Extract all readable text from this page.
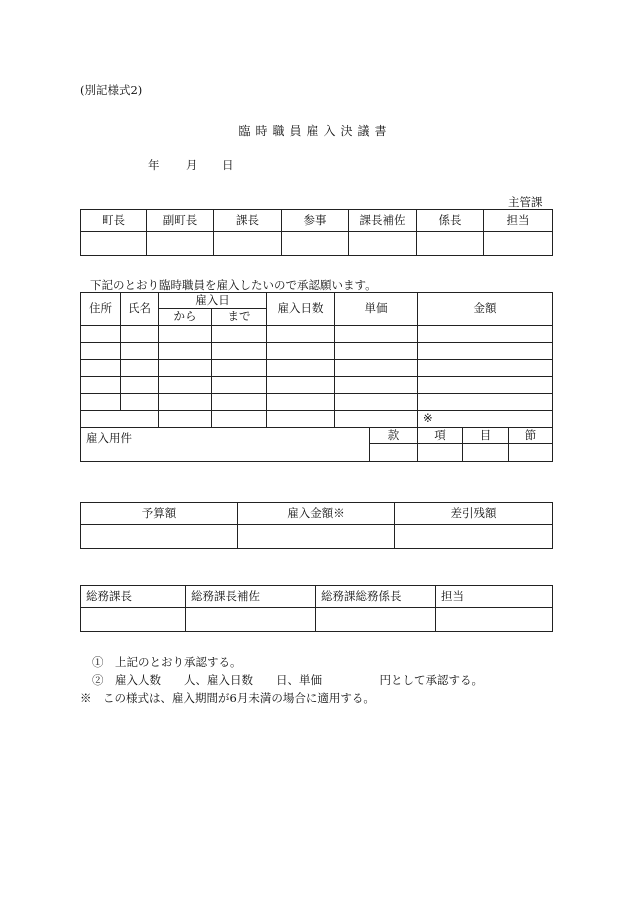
(別記様式2)
臨時職員雇入決議書
年 月 日
主管課
町長	副町長	課長	参事	課長補佐	係長	担当

下記のとおり臨時職員を雇入したいので承認願います。
住所	氏名	雇入日		雇入日数	単価		金額		
		から	まで						

							※		
雇入用件						款	項	目	節

予算額	雇入金額※	差引残額

総務課長	総務課長補佐	総務課総務係長	担当

①　上記のとおり承認する。
②　雇入人数　　人、雇入日数　　日、単価　　　　　円として承認する。
※　この様式は、雇入期間が6月未満の場合に適用する。
